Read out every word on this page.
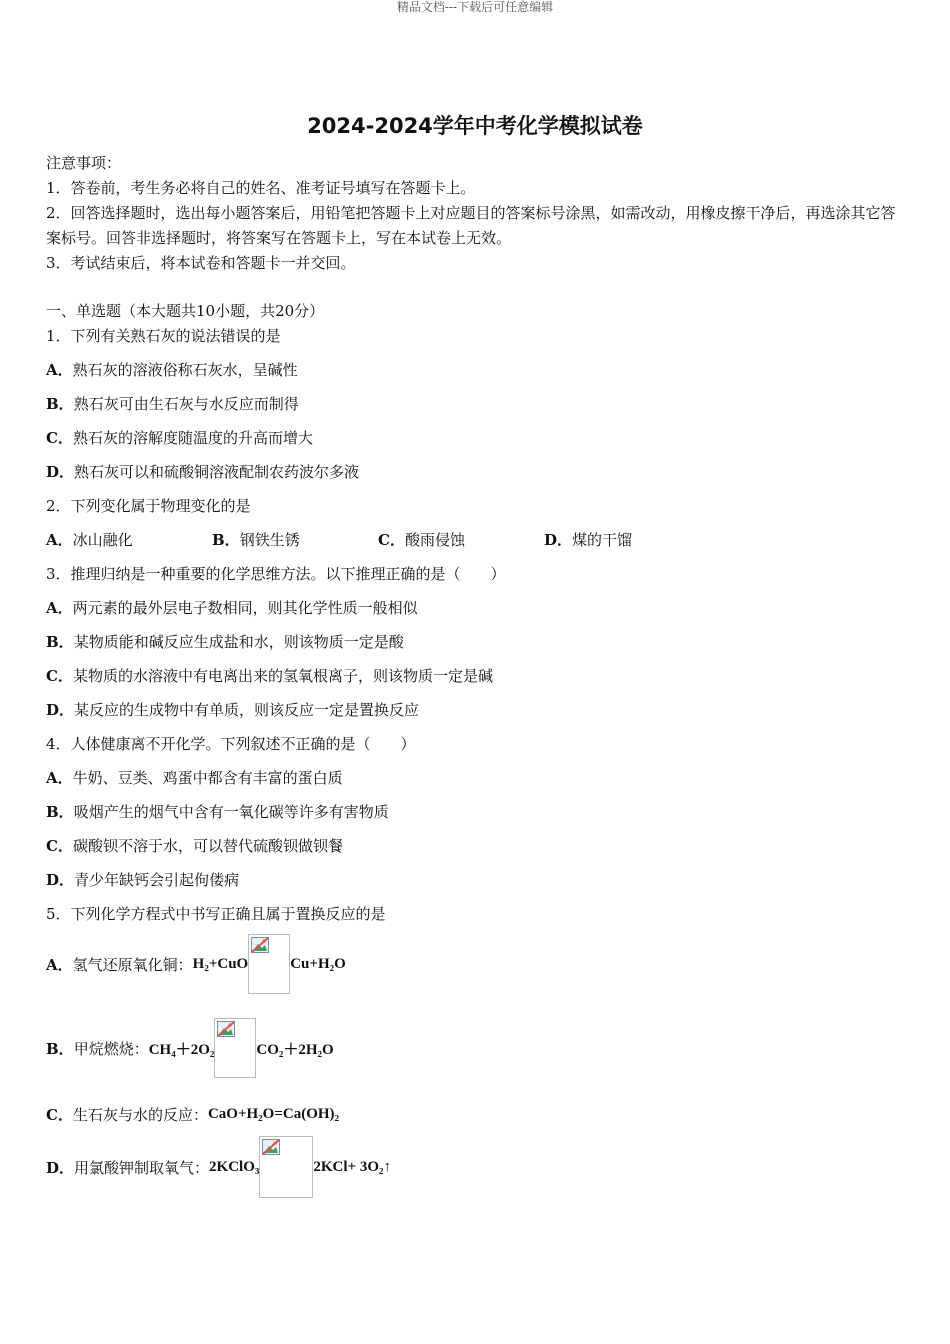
精品文档---下载后可任意编辑
2024-2024学年中考化学模拟试卷
注意事项：
1．答卷前，考生务必将自己的姓名、准考证号填写在答题卡上。
2．回答选择题时，选出每小题答案后，用铅笔把答题卡上对应题目的答案标号涂黑，如需改动，用橡皮擦干净后，再选涂其它答案标号。回答非选择题时，将答案写在答题卡上，写在本试卷上无效。
3．考试结束后，将本试卷和答题卡一并交回。
一、单选题（本大题共10小题，共20分）
1．下列有关熟石灰的说法错误的是
A．熟石灰的溶液俗称石灰水，呈碱性
B．熟石灰可由生石灰与水反应而制得
C．熟石灰的溶解度随温度的升高而增大
D．熟石灰可以和硫酸铜溶液配制农药波尔多液
2．下列变化属于物理变化的是
A．冰山融化	B．钢铁生锈	C．酸雨侵蚀	D．煤的干馏
3．推理归纳是一种重要的化学思维方法。以下推理正确的是（　　）
A．两元素的最外层电子数相同，则其化学性质一般相似
B．某物质能和碱反应生成盐和水，则该物质一定是酸
C．某物质的水溶液中有电离出来的氢氧根离子，则该物质一定是碱
D．某反应的生成物中有单质，则该反应一定是置换反应
4．人体健康离不开化学。下列叙述不正确的是（　　）
A．牛奶、豆类、鸡蛋中都含有丰富的蛋白质
B．吸烟产生的烟气中含有一氧化碳等许多有害物质
C．碳酸钡不溶于水，可以替代硫酸钡做钡餐
D．青少年缺钙会引起佝偻病
5．下列化学方程式中书写正确且属于置换反应的是
A． 氢气还原氧化铜： H₂+CuO	Cu+H₂O
B． 甲烷燃烧： CH₄＋2O₂	CO₂＋2H₂O
C． 生石灰与水的反应： CaO+H₂O=Ca(OH)₂
D． 用氯酸钾制取氧气： 2KClO₃	2KCl+ 3O₂↑
